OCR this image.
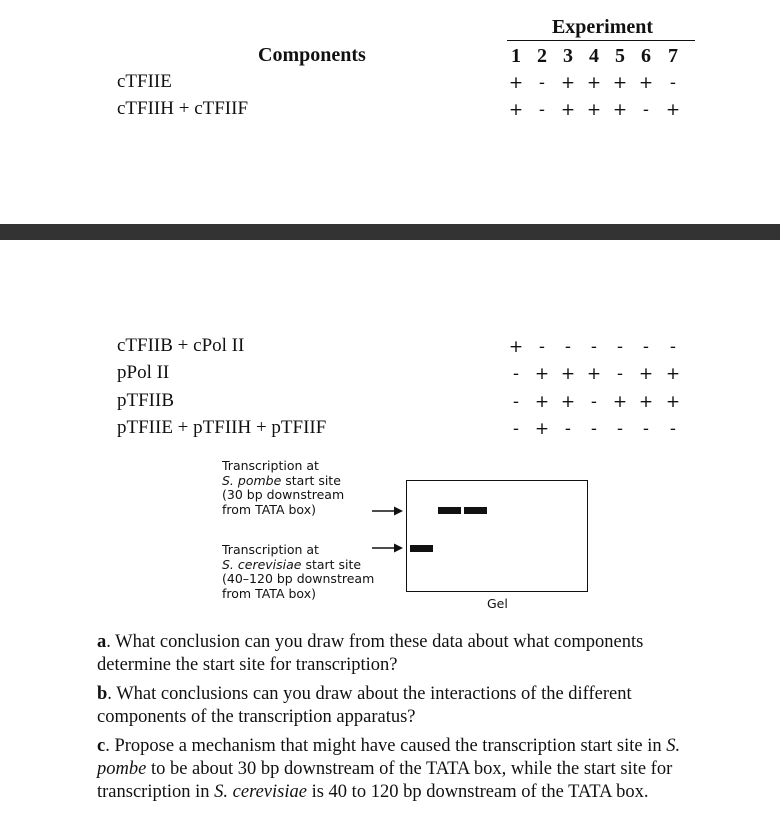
Experiment
1 2 3 4 5 6 7
Components
cTFIIE	+ - + + + + -
cTFIIH + cTFIIF	+ - + + + - +
cTFIIB + cPol II	+ -	-	-	-	-	-
pPol II	- + + + - + +
pTFIIB	- + + - + + +
pTFIIE + pTFIIH + pTFIIF	- + -	-	-	-	-
Transcription at
S. pombe start site
(30 bp downstream
from TATA box)
Transcription at
S. cerevisiae start site
(40–120 bp downstream
from TATA box)
Gel
a. What conclusion can you draw from these data about what components determine the start site for transcription?
b. What conclusions can you draw about the interactions of the different components of the transcription apparatus?
c. Propose a mechanism that might have caused the transcription start site in S. pombe to be about 30 bp downstream of the TATA box, while the start site for transcription in S. cerevisiae is 40 to 120 bp downstream of the TATA box.
